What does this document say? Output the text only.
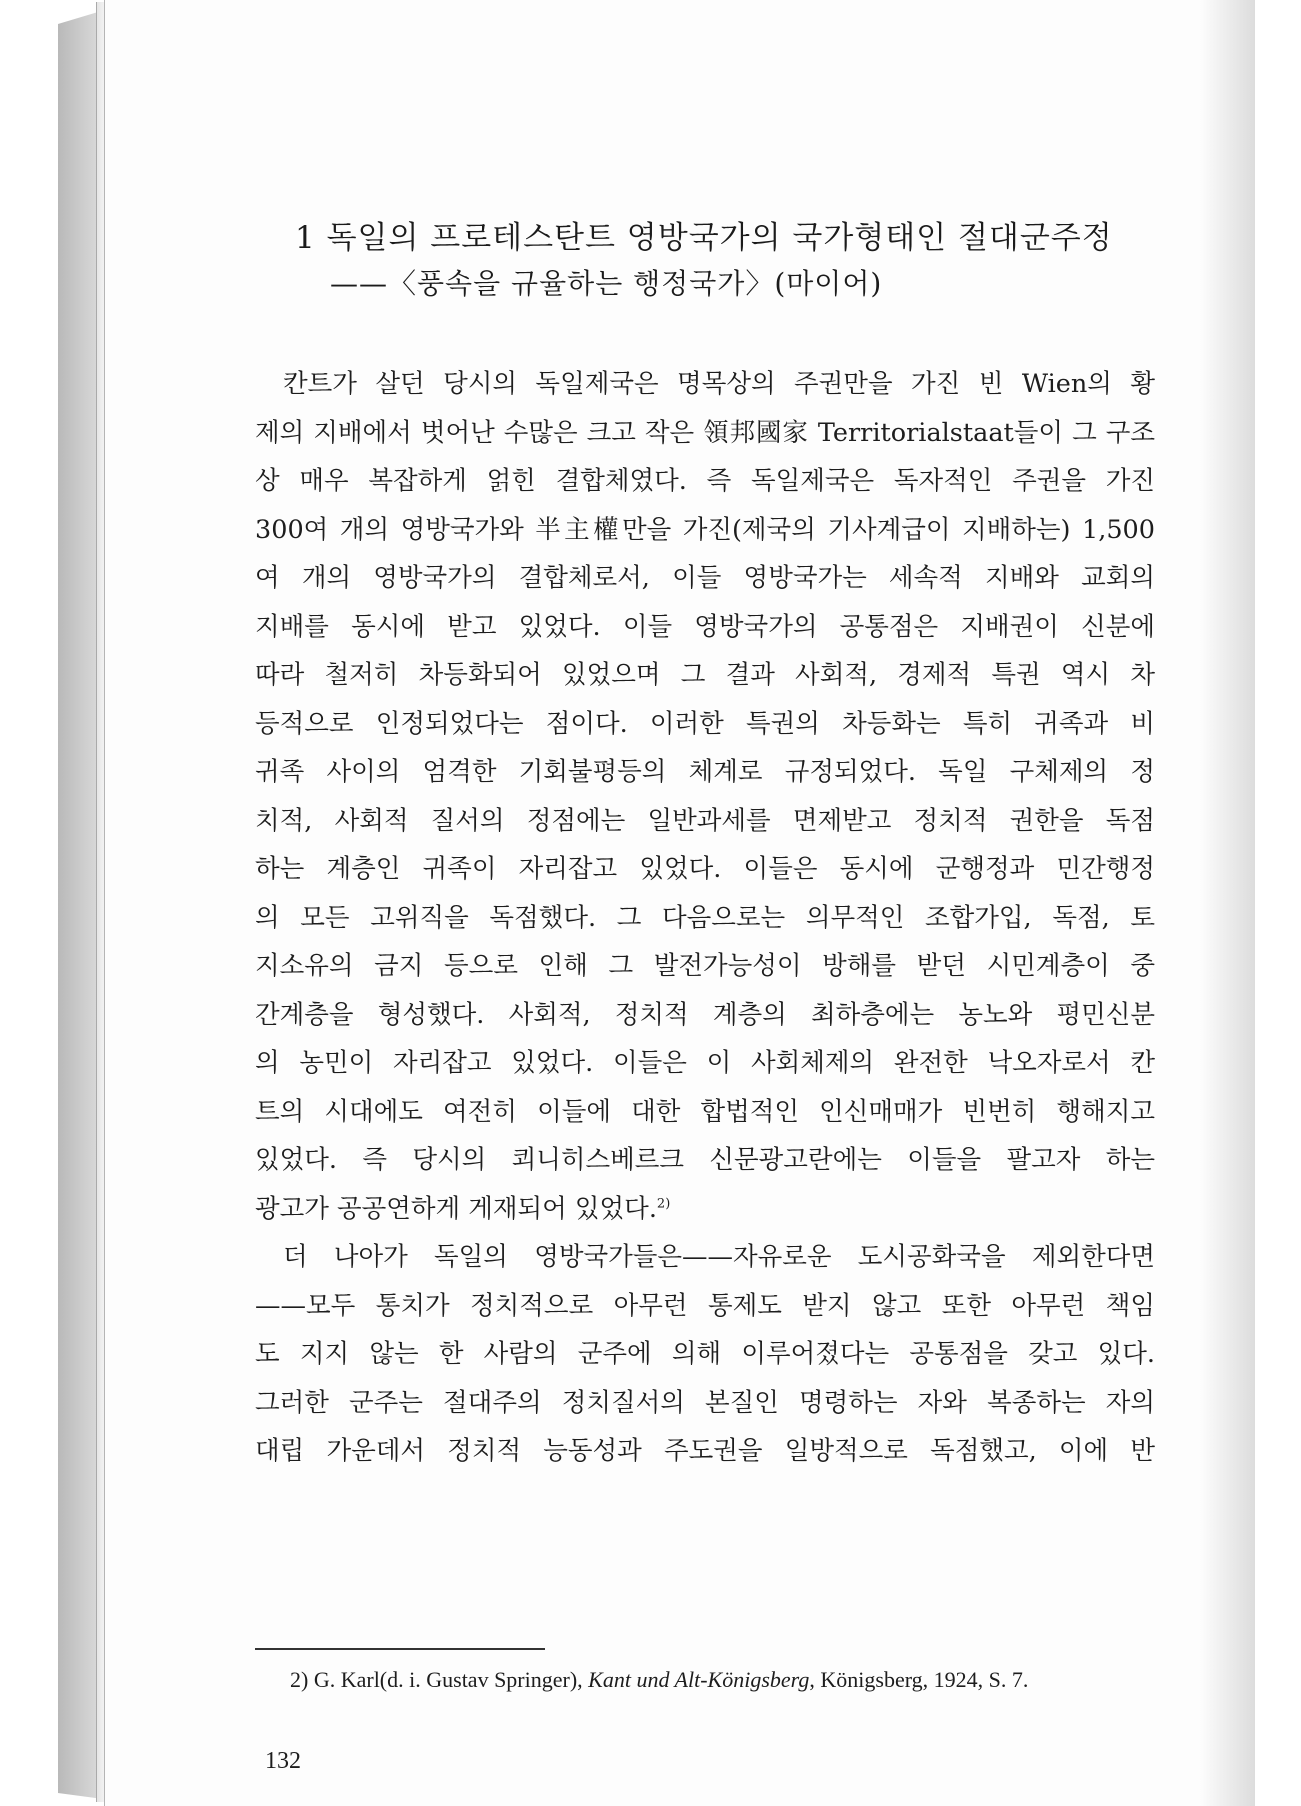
1 독일의 프로테스탄트 영방국가의 국가형태인 절대군주정
——〈풍속을 규율하는 행정국가〉(마이어)
칸트가 살던 당시의 독일제국은 명목상의 주권만을 가진 빈 Wien의 황
제의 지배에서 벗어난 수많은 크고 작은 領邦國家 Territorialstaat들이 그 구조
상 매우 복잡하게 얽힌 결합체였다. 즉 독일제국은 독자적인 주권을 가진
300여 개의 영방국가와 半主權만을 가진(제국의 기사계급이 지배하는) 1,500
여 개의 영방국가의 결합체로서, 이들 영방국가는 세속적 지배와 교회의
지배를 동시에 받고 있었다. 이들 영방국가의 공통점은 지배권이 신분에
따라 철저히 차등화되어 있었으며 그 결과 사회적, 경제적 특권 역시 차
등적으로 인정되었다는 점이다. 이러한 특권의 차등화는 특히 귀족과 비
귀족 사이의 엄격한 기회불평등의 체계로 규정되었다. 독일 구체제의 정
치적, 사회적 질서의 정점에는 일반과세를 면제받고 정치적 권한을 독점
하는 계층인 귀족이 자리잡고 있었다. 이들은 동시에 군행정과 민간행정
의 모든 고위직을 독점했다. 그 다음으로는 의무적인 조합가입, 독점, 토
지소유의 금지 등으로 인해 그 발전가능성이 방해를 받던 시민계층이 중
간계층을 형성했다. 사회적, 정치적 계층의 최하층에는 농노와 평민신분
의 농민이 자리잡고 있었다. 이들은 이 사회체제의 완전한 낙오자로서 칸
트의 시대에도 여전히 이들에 대한 합법적인 인신매매가 빈번히 행해지고
있었다. 즉 당시의 쾨니히스베르크 신문광고란에는 이들을 팔고자 하는
광고가 공공연하게 게재되어 있었다.$^{2)}$
더 나아가 독일의 영방국가들은——자유로운 도시공화국을 제외한다면
——모두 통치가 정치적으로 아무런 통제도 받지 않고 또한 아무런 책임
도 지지 않는 한 사람의 군주에 의해 이루어졌다는 공통점을 갖고 있다.
그러한 군주는 절대주의 정치질서의 본질인 명령하는 자와 복종하는 자의
대립 가운데서 정치적 능동성과 주도권을 일방적으로 독점했고, 이에 반
2) G. Karl(d. i. Gustav Springer), Kant und Alt-Königsberg, Königsberg, 1924, S. 7.
132
